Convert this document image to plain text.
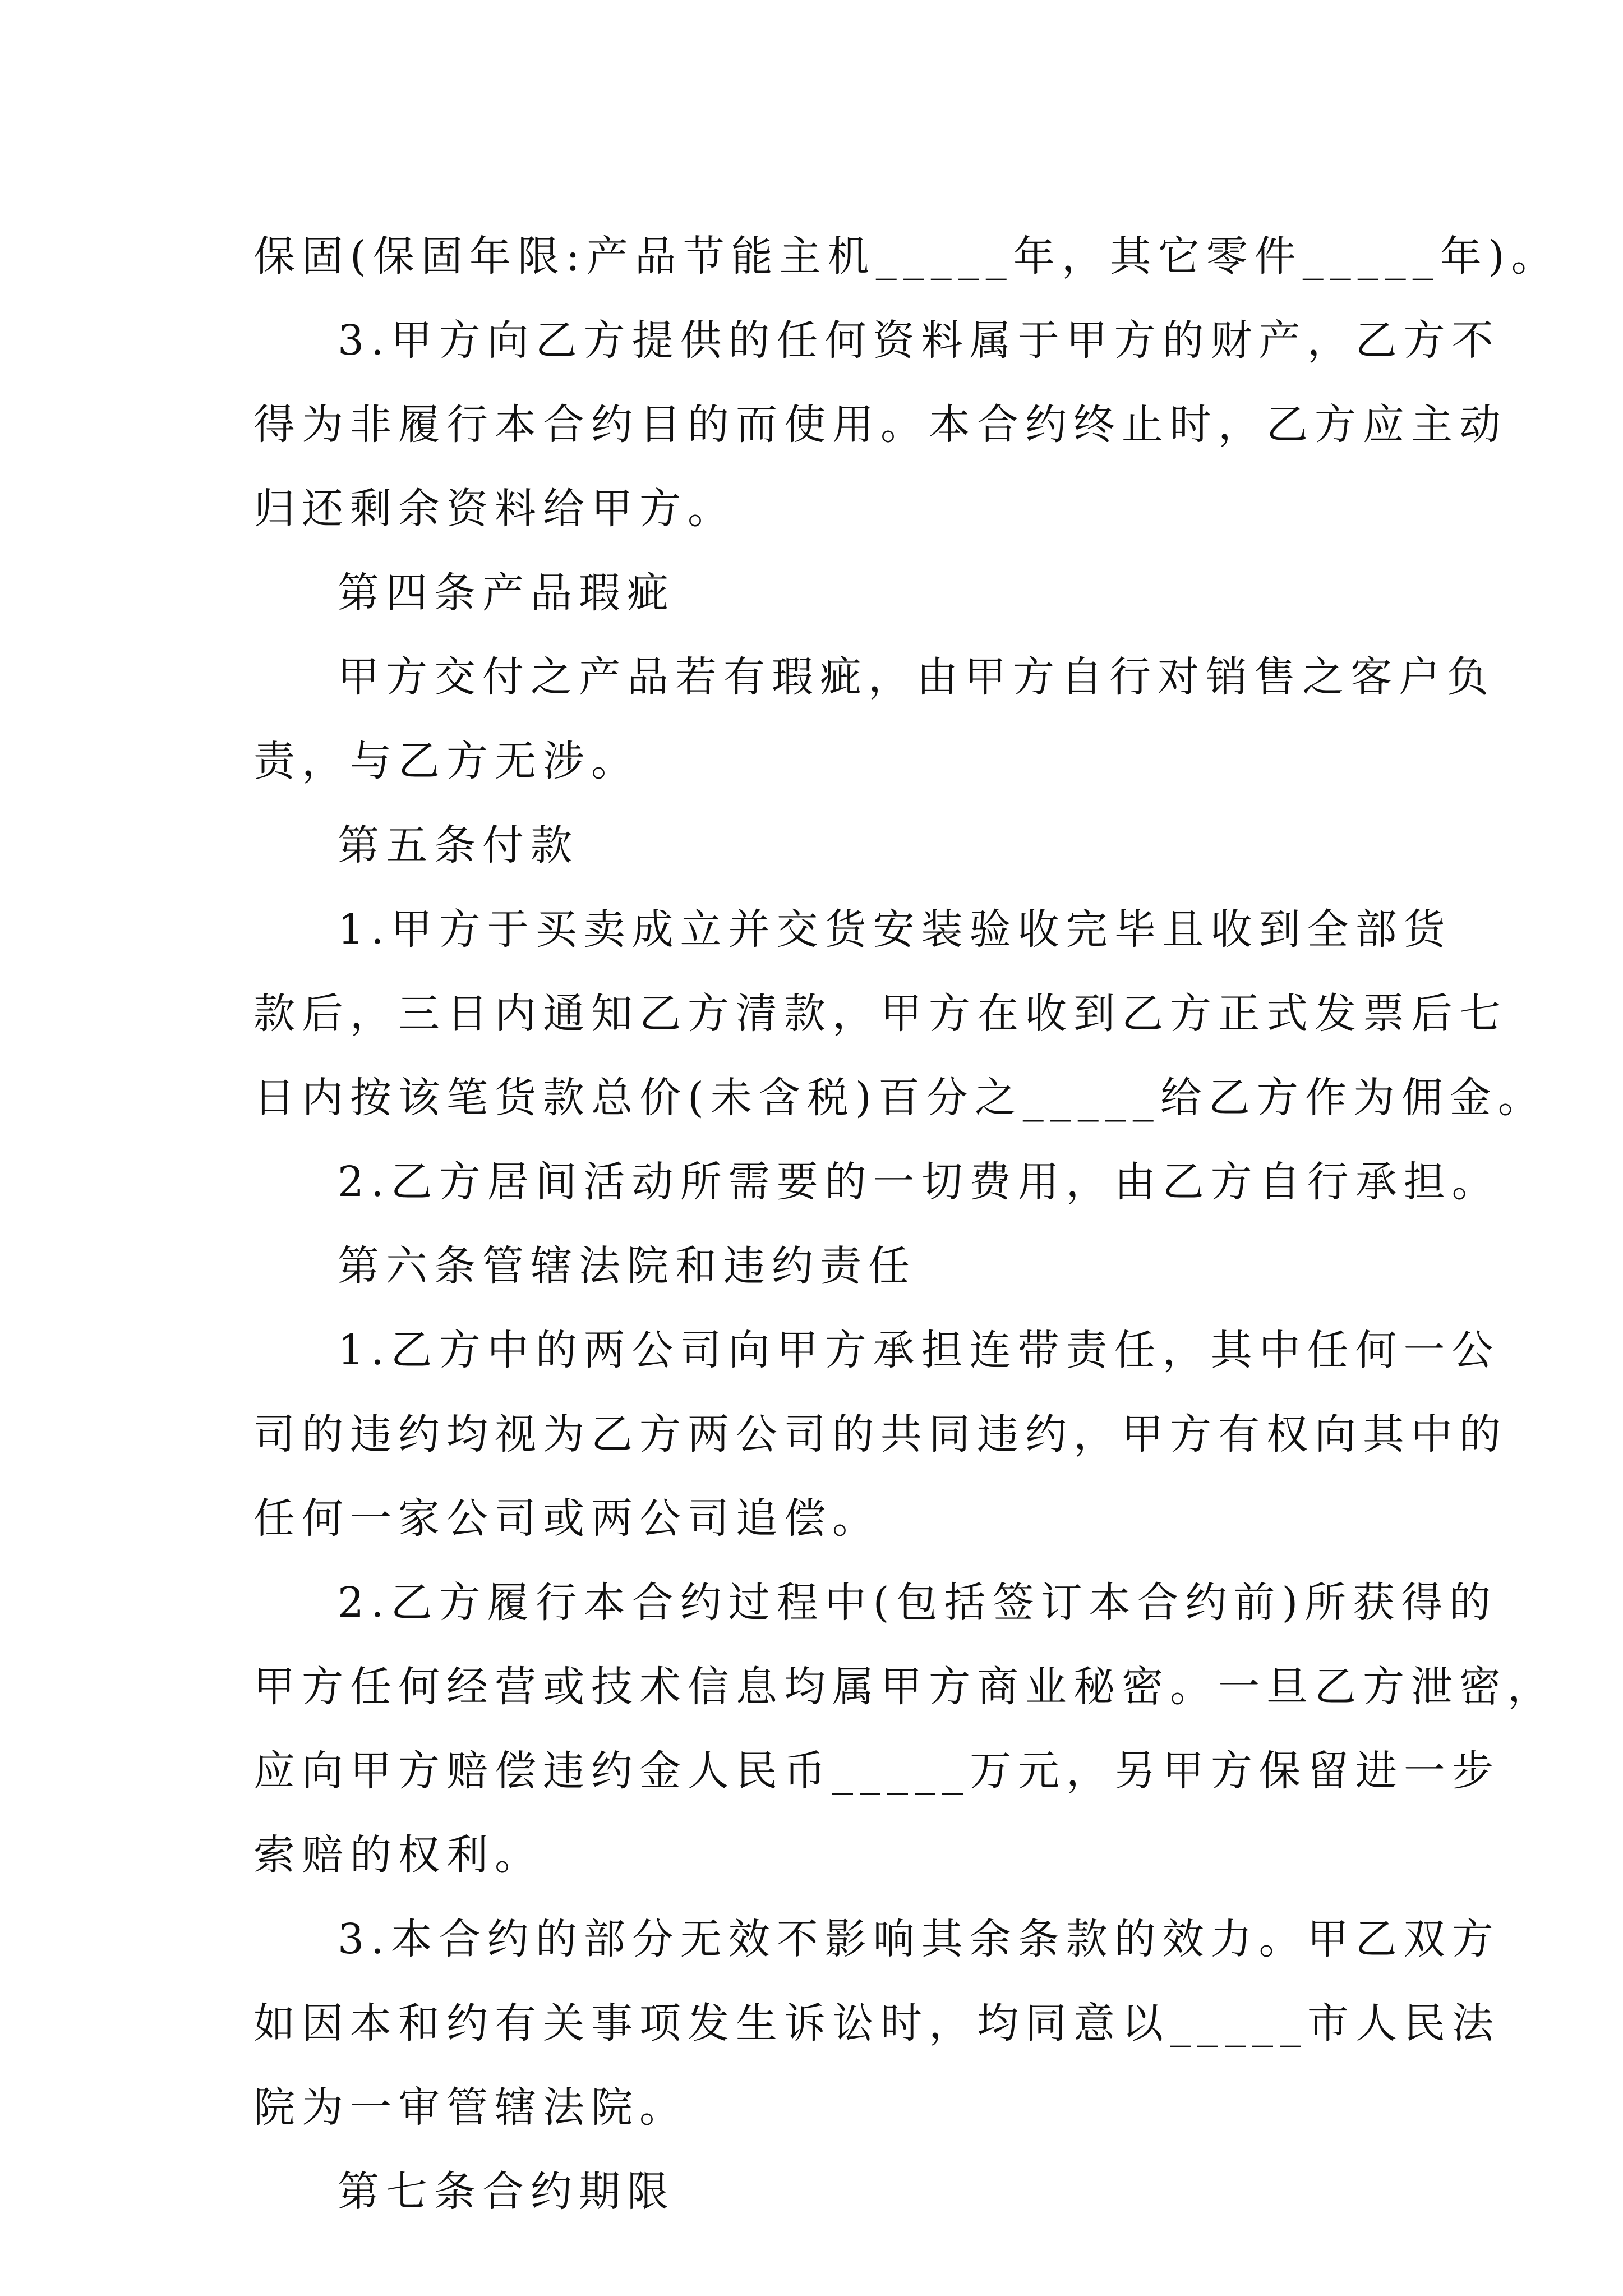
保固(保固年限:产品节能主机_____年，其它零件_____年)。
3.甲方向乙方提供的任何资料属于甲方的财产，乙方不
得为非履行本合约目的而使用。本合约终止时，乙方应主动
归还剩余资料给甲方。
第四条产品瑕疵
甲方交付之产品若有瑕疵，由甲方自行对销售之客户负
责，与乙方无涉。
第五条付款
1.甲方于买卖成立并交货安装验收完毕且收到全部货
款后，三日内通知乙方清款，甲方在收到乙方正式发票后七
日内按该笔货款总价(未含税)百分之_____给乙方作为佣金。
2.乙方居间活动所需要的一切费用，由乙方自行承担。
第六条管辖法院和违约责任
1.乙方中的两公司向甲方承担连带责任，其中任何一公
司的违约均视为乙方两公司的共同违约，甲方有权向其中的
任何一家公司或两公司追偿。
2.乙方履行本合约过程中(包括签订本合约前)所获得的
甲方任何经营或技术信息均属甲方商业秘密。一旦乙方泄密，
应向甲方赔偿违约金人民币_____万元，另甲方保留进一步
索赔的权利。
3.本合约的部分无效不影响其余条款的效力。甲乙双方
如因本和约有关事项发生诉讼时，均同意以_____市人民法
院为一审管辖法院。
第七条合约期限
